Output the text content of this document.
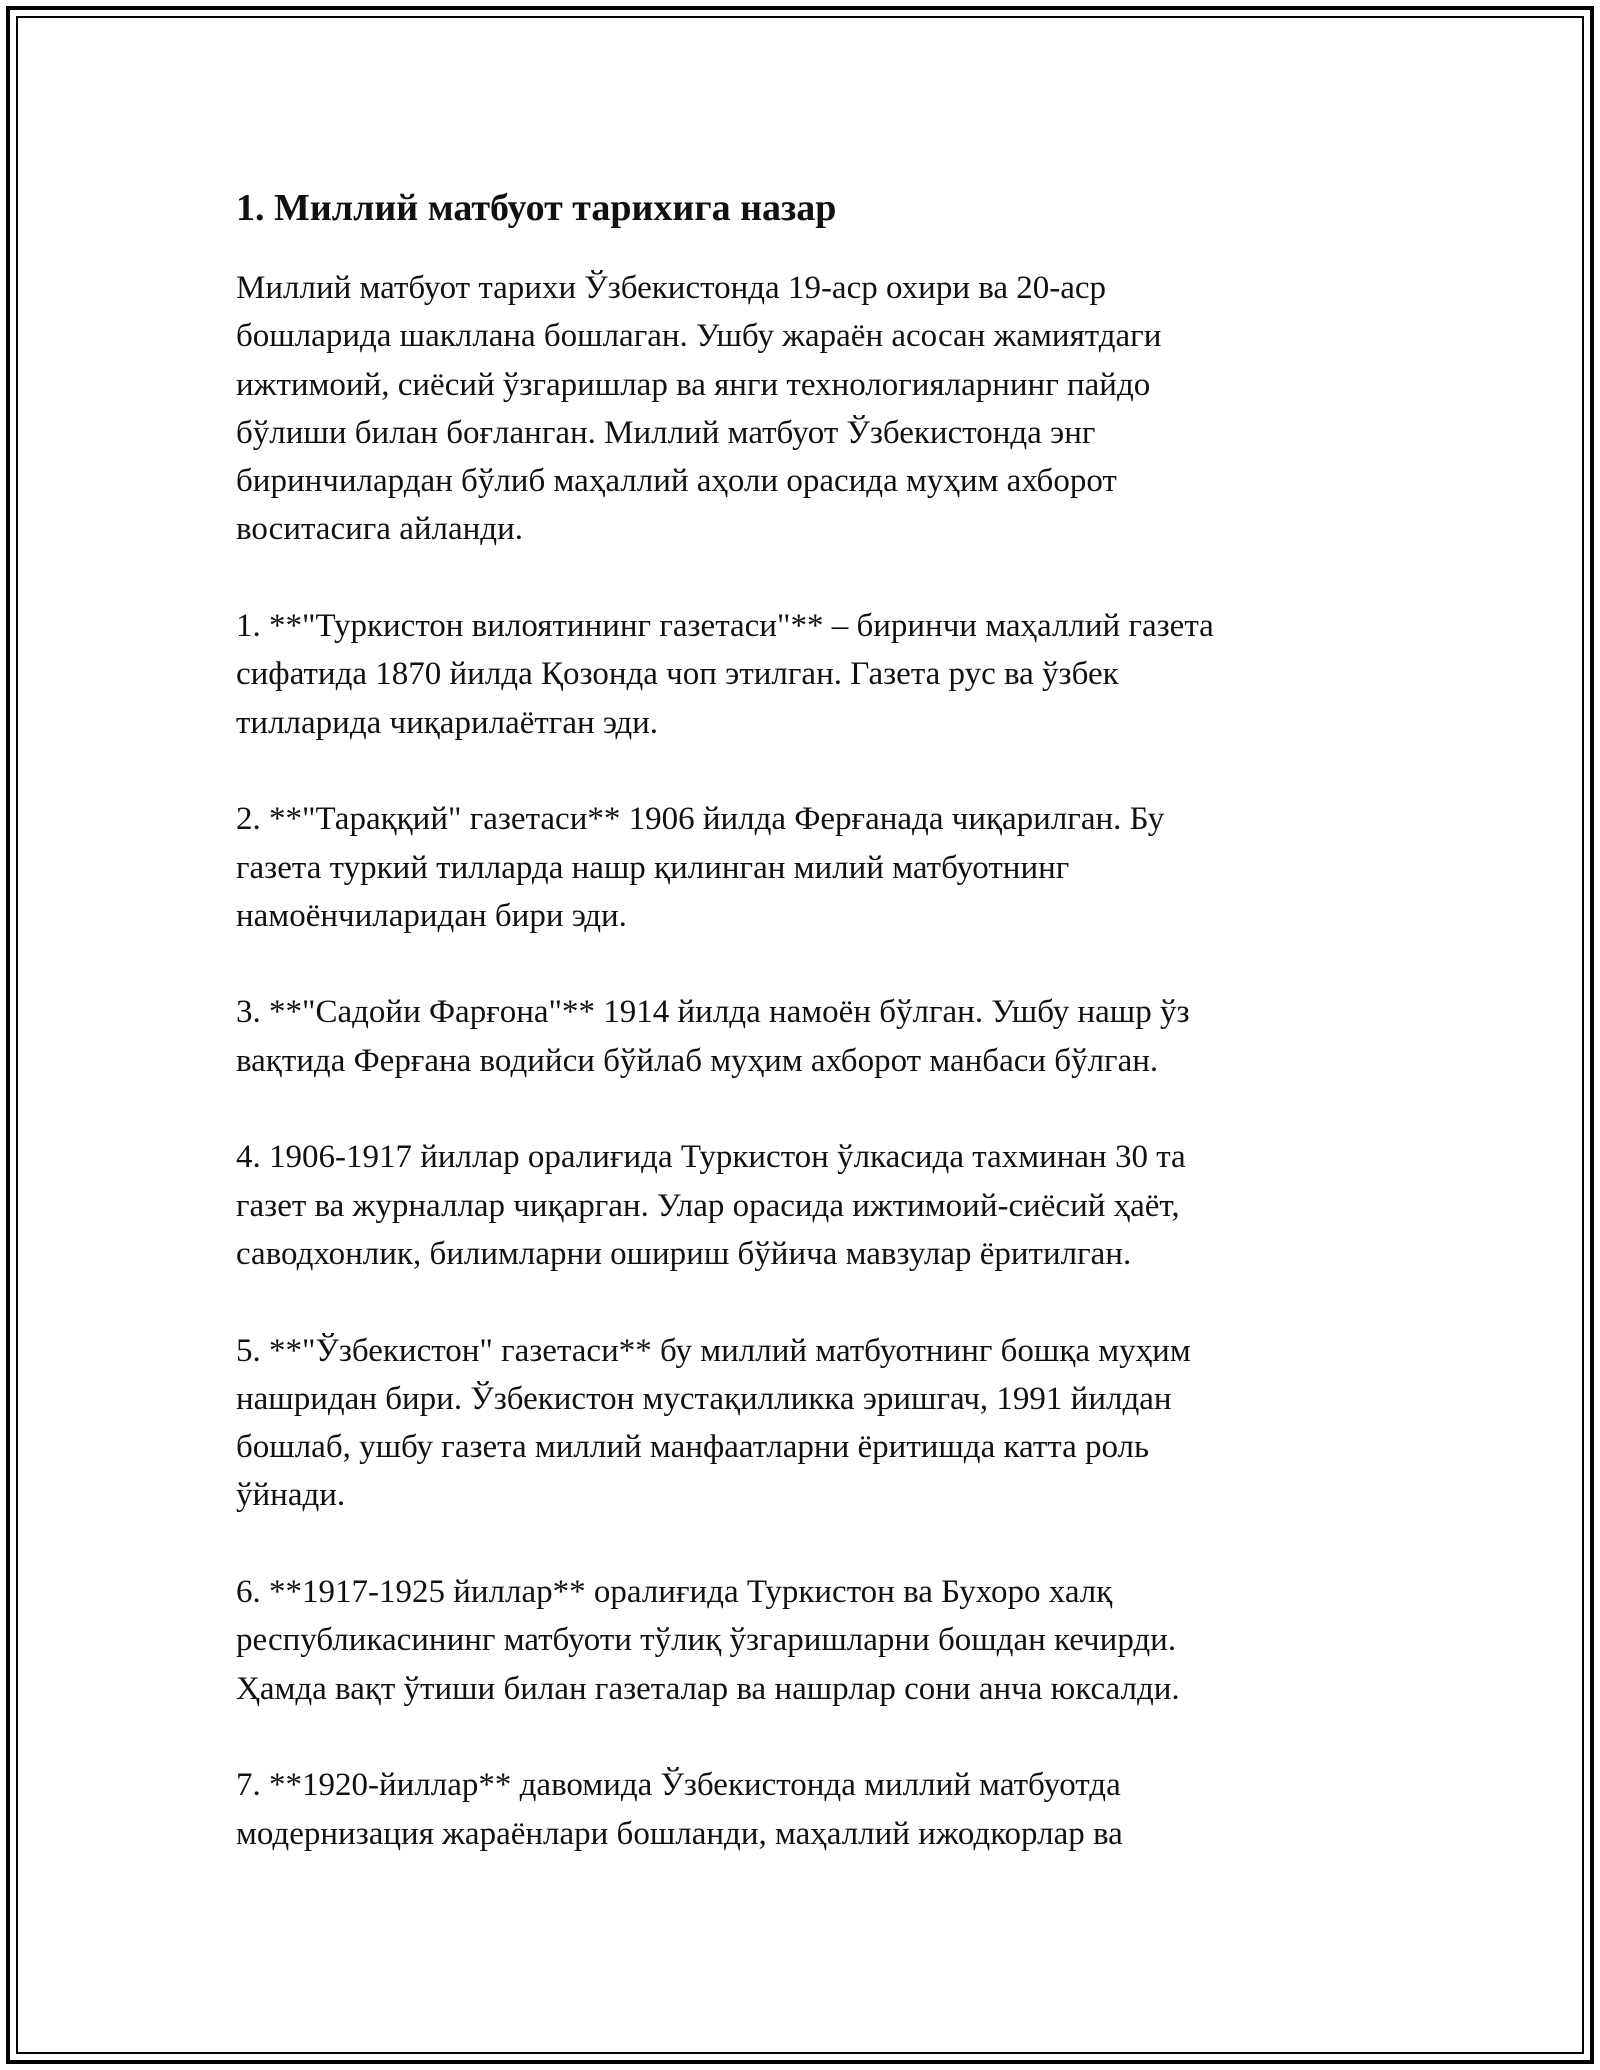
1. Миллий матбуот тарихига назар
Миллий матбуот тарихи Ўзбекистонда 19-аср охири ва 20-аср
бошларида шакллана бошлаган. Ушбу жараён асосан жамиятдаги
ижтимоий, сиёсий ўзгаришлар ва янги технологияларнинг пайдо
бўлиши билан боғланган. Миллий матбуот Ўзбекистонда энг
биринчилардан бўлиб маҳаллий аҳоли орасида муҳим ахборот
воситасига айланди.
1. **"Туркистон вилоятининг газетаси"** – биринчи маҳаллий газета
сифатида 1870 йилда Қозонда чоп этилган. Газета рус ва ўзбек
тилларида чиқарилаётган эди.
2. **"Тараққий" газетаси** 1906 йилда Ферғанада чиқарилган. Бу
газета туркий тилларда нашр қилинган милий матбуотнинг
намоёнчиларидан бири эди.
3. **"Садойи Фарғона"** 1914 йилда намоён бўлган. Ушбу нашр ўз
вақтида Ферғана водийси бўйлаб муҳим ахборот манбаси бўлган.
4. 1906-1917 йиллар оралиғида Туркистон ўлкасида тахминан 30 та
газет ва журналлар чиқарган. Улар орасида ижтимоий-сиёсий ҳаёт,
саводхонлик, билимларни ошириш бўйича мавзулар ёритилган.
5. **"Ўзбекистон" газетаси** бу миллий матбуотнинг бошқа муҳим
нашридан бири. Ўзбекистон мустақилликка эришгач, 1991 йилдан
бошлаб, ушбу газета миллий манфаатларни ёритишда катта роль
ўйнади.
6. **1917-1925 йиллар** оралиғида Туркистон ва Бухоро халқ
республикасининг матбуоти тўлиқ ўзгаришларни бошдан кечирди.
Ҳамда вақт ўтиши билан газеталар ва нашрлар сони анча юксалди.
7. **1920-йиллар** давомида Ўзбекистонда миллий матбуотда
модернизация жараёнлари бошланди, маҳаллий ижодкорлар ва
